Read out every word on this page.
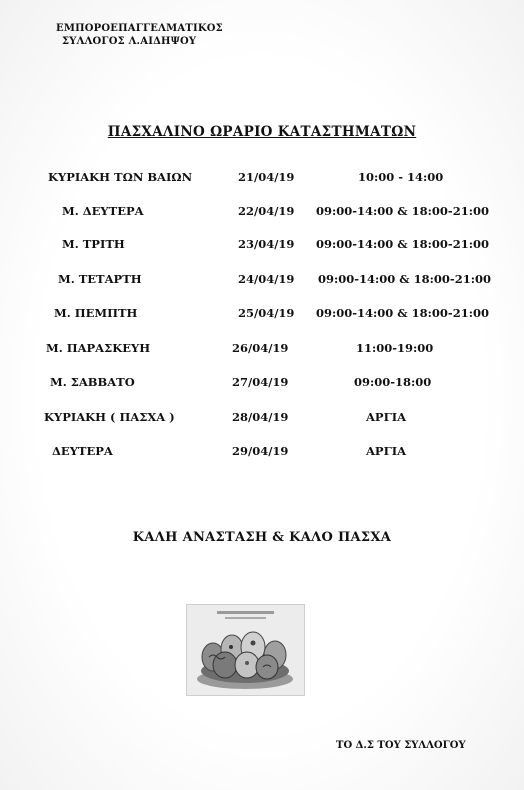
ΕΜΠΟΡΟΕΠΑΓΓΕΛΜΑΤΙΚΟΣ
ΣΥΛΛΟΓΟΣ Λ.ΑΙΔΗΨΟΥ
ΠΑΣΧΑΛΙΝΟ ΩΡΑΡΙΟ ΚΑΤΑΣΤΗΜΑΤΩΝ
ΚΥΡΙΑΚΗ ΤΩΝ ΒΑΙΩΝ	21/04/19	10:00 - 14:00
Μ. ΔΕΥΤΕΡΑ	22/04/19 09:00-14:00 & 18:00-21:00
Μ. ΤΡΙΤΗ	23/04/19 09:00-14:00 & 18:00-21:00
Μ. ΤΕΤΑΡΤΗ	24/04/19 09:00-14:00 & 18:00-21:00
Μ. ΠΕΜΠΤΗ	25/04/19 09:00-14:00 & 18:00-21:00
Μ. ΠΑΡΑΣΚΕΥΗ	26/04/19	11:00-19:00
Μ. ΣΑΒΒΑΤΟ	27/04/19	09:00-18:00
ΚΥΡΙΑΚΗ ( ΠΑΣΧΑ )	28/04/19	ΑΡΓΙΑ
ΔΕΥΤΕΡΑ	29/04/19	ΑΡΓΙΑ
ΚΑΛΗ ΑΝΑΣΤΑΣΗ & ΚΑΛΟ ΠΑΣΧΑ
ΤΟ Δ.Σ ΤΟΥ ΣΥΛΛΟΓΟΥ
